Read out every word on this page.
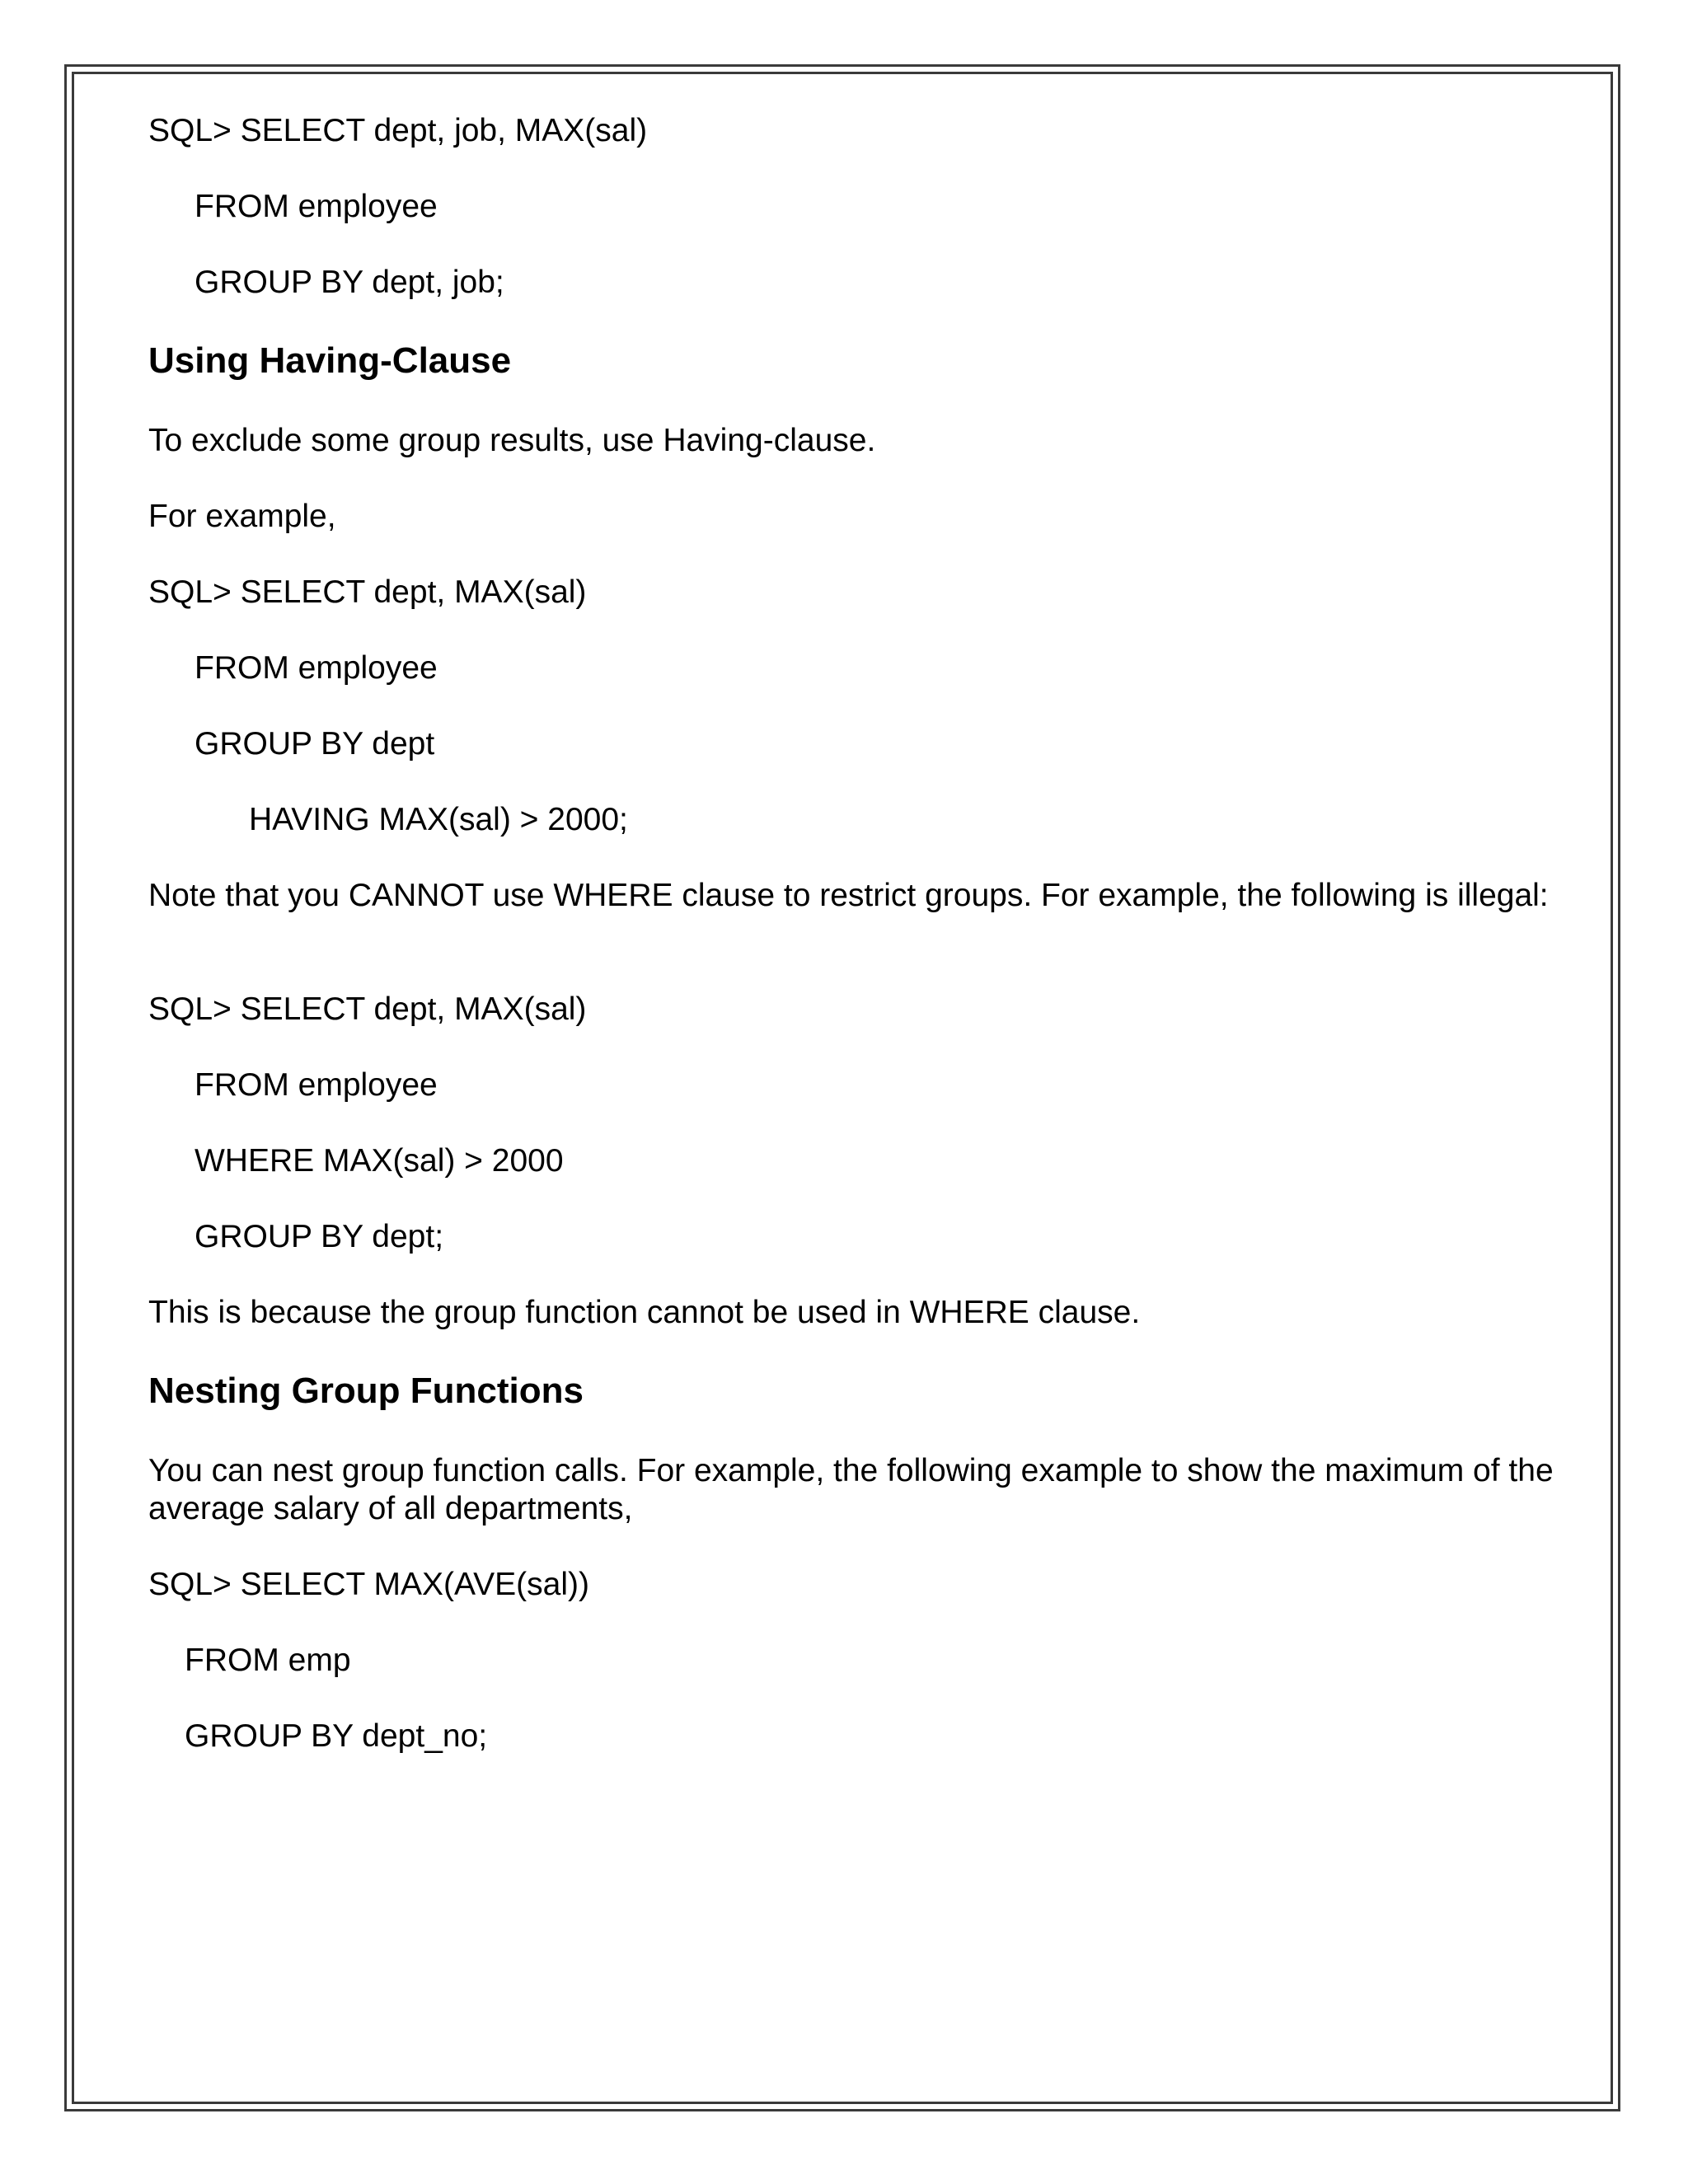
SQL> SELECT dept, job, MAX(sal)

FROM employee

GROUP BY dept, job;

Using Having-Clause

To exclude some group results, use Having-clause.

For example,

SQL> SELECT dept, MAX(sal)

FROM employee

GROUP BY dept

HAVING MAX(sal) > 2000;

Note that you CANNOT use WHERE clause to restrict groups. For example, the following is illegal:

SQL> SELECT dept, MAX(sal)

FROM employee

WHERE MAX(sal) > 2000

GROUP BY dept;

This is because the group function cannot be used in WHERE clause.

Nesting Group Functions

You can nest group function calls. For example, the following example to show the maximum of the average salary of all departments,

SQL> SELECT MAX(AVE(sal))

FROM emp

GROUP BY dept_no;
